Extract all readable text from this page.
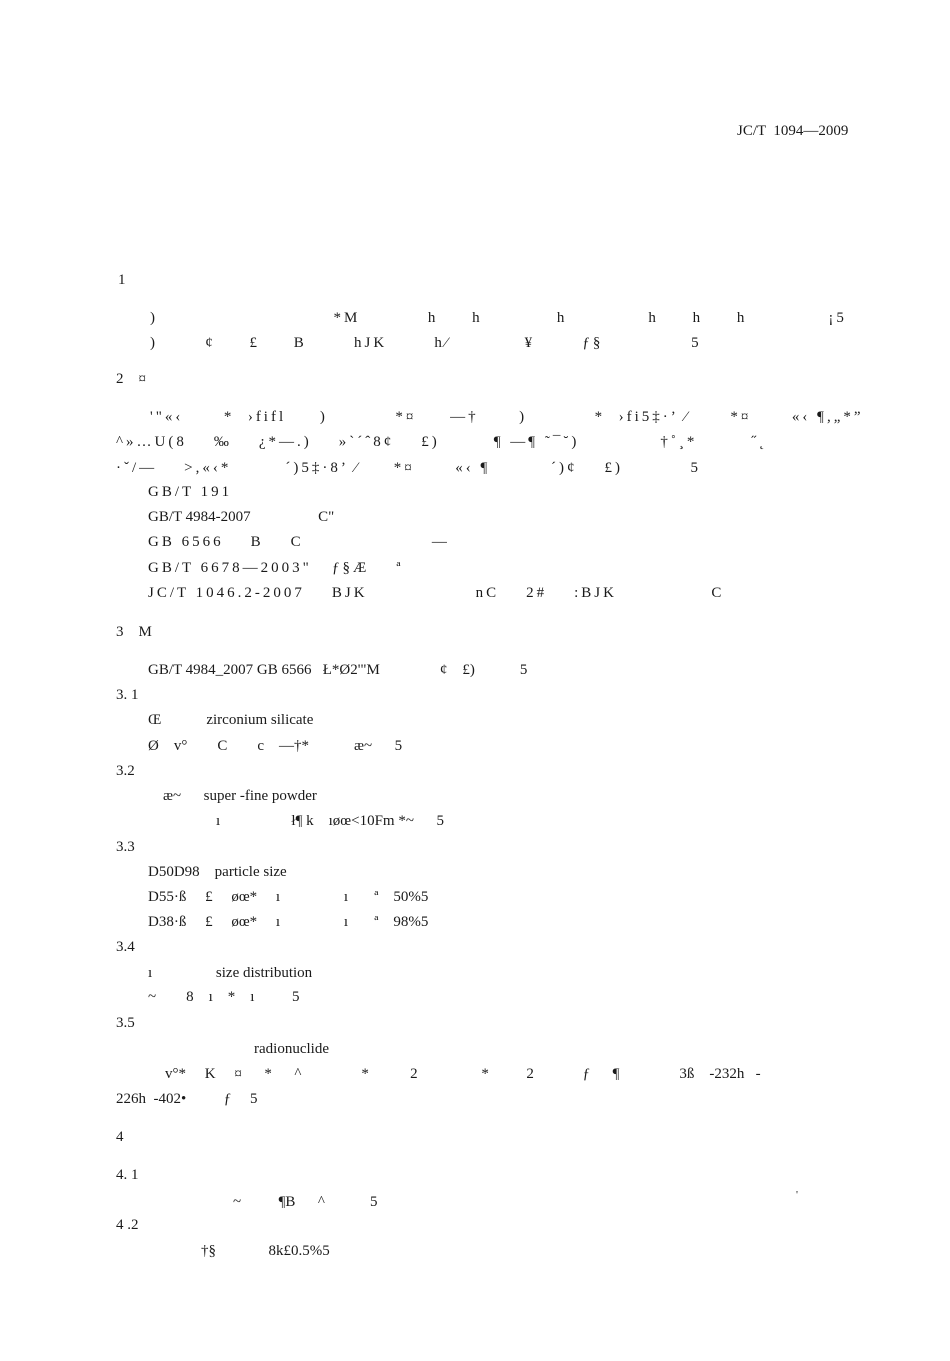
JC/T  1094—2009
1
)                          *M          h     h           h            h     h     h            ¡5
)       ¢     £     B       hJK       h⁄           ¥       ƒ§             5
2    ¤
'"«‹      *  ›fifl     )          *¤     —†      )          *  ›fi5‡·’ ⁄      *¤      «‹ ¶,„*”
^»…U(8    ‰    ¿*—.)    »`´ˆ8¢    £)        ¶ —¶ ˜¯˘)            †˚¸*        ˝˛
·ˇ/—    >,«‹*        ´)5‡·8’ ⁄     *¤      «‹ ¶         ´)¢    £)          5
GB/T 191
GB/T 4984-2007                  C"
GB 6566    B    C                   —
GB/T 6678—2003"   ƒ§Æ    ª
JC/T 1046.2-2007    BJK                nC    2#    :BJK              C
3    M
GB/T 4984_2007 GB 6566   Ł*Ø2'"M                ¢    £)            5
3. 1
Œ            zirconium silicate
Ø    v°        C        c    —†*            æ~      5
3.2
æ~      super -fine powder
ı                   ł¶ k    ıøœ<10Fm *~      5
3.3
D50D98    particle size
D55·ß     £     øœ*     ı                 ı       ª    50%5
D38·ß     £     øœ*     ı                 ı       ª    98%5
3.4
ı                 size distribution
~        8    ı    *    ı          5
3.5
radionuclide
v°*     K     ¤      *      ^                *           2                 *          2             ƒ      ¶                3ß    -232h   -
226h  -402•          ƒ     5
4
4. 1
~          ¶B      ^            5	'
4 .2
†§              8k£0.5%5
